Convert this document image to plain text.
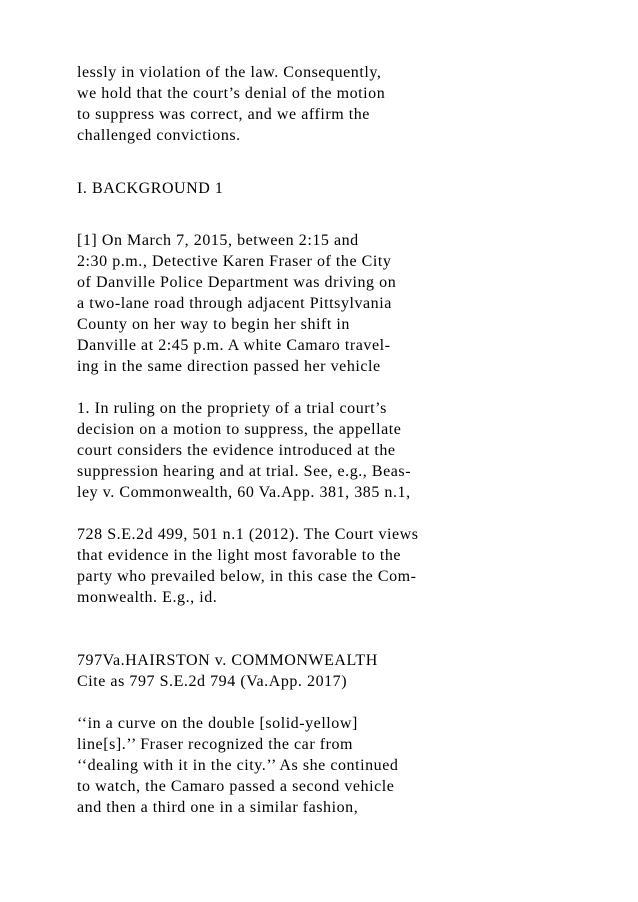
lessly in violation of the law. Consequently,
we hold that the court’s denial of the motion
to suppress was correct, and we affirm the
challenged convictions.
I. BACKGROUND 1
[1] On March 7, 2015, between 2:15 and
2:30 p.m., Detective Karen Fraser of the City
of Danville Police Department was driving on
a two-lane road through adjacent Pittsylvania
County on her way to begin her shift in
Danville at 2:45 p.m. A white Camaro travel-
ing in the same direction passed her vehicle
1. In ruling on the propriety of a trial court’s
decision on a motion to suppress, the appellate
court considers the evidence introduced at the
suppression hearing and at trial. See, e.g., Beas-
ley v. Commonwealth, 60 Va.App. 381, 385 n.1,
728 S.E.2d 499, 501 n.1 (2012). The Court views
that evidence in the light most favorable to the
party who prevailed below, in this case the Com-
monwealth. E.g., id.
797Va.HAIRSTON v. COMMONWEALTH
Cite as 797 S.E.2d 794 (Va.App. 2017)
‘‘in a curve on the double [solid-yellow]
line[s].’’ Fraser recognized the car from
‘‘dealing with it in the city.’’ As she continued
to watch, the Camaro passed a second vehicle
and then a third one in a similar fashion,
